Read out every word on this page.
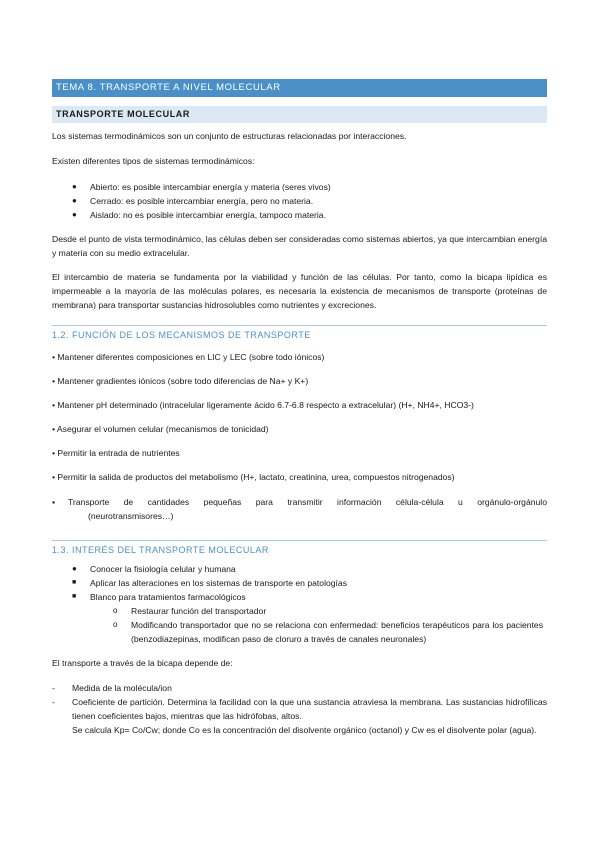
TEMA 8. TRANSPORTE A NIVEL MOLECULAR
TRANSPORTE MOLECULAR
Los sistemas termodinámicos son un conjunto de estructuras relacionadas por interacciones.
Existen diferentes tipos de sistemas termodinámicos:
● Abierto: es posible intercambiar energía y materia (seres vivos)
● Cerrado: es posible intercambiar energía, pero no materia.
● Aislado: no es posible intercambiar energía, tampoco materia.
Desde el punto de vista termodinámico, las células deben ser consideradas como sistemas abiertos, ya que intercambian energía y materia con su medio extracelular.
El intercambio de materia se fundamenta por la viabilidad y función de las células. Por tanto, como la bicapa lipídica es impermeable a la mayoría de las moléculas polares, es necesaria la existencia de mecanismos de transporte (proteínas de membrana) para transportar sustancias hidrosolubles como nutrientes y excreciones.
1.2. FUNCIÓN DE LOS MECANISMOS DE TRANSPORTE
• Mantener diferentes composiciones en LIC y LEC (sobre todo iónicos)
• Mantener gradientes iónicos (sobre todo diferencias de Na+ y K+)
• Mantener pH determinado (intracelular ligeramente ácido 6.7-6.8 respecto a extracelular) (H+, NH4+, HCO3-)
• Asegurar el volumen celular (mecanismos de tonicidad)
• Permitir la entrada de nutrientes
• Permitir la salida de productos del metabolismo (H+, lactato, creatinina, urea, compuestos nitrogenados)
▪ Transporte de cantidades pequeñas para transmitir información célula-célula u orgánulo-orgánulo
(neurotransmisores…)
1.3. INTERÉS DEL TRANSPORTE MOLECULAR
● Conocer la fisiología celular y humana
■ Aplicar las alteraciones en los sistemas de transporte en patologías
■ Blanco para tratamientos farmacológicos
o Restaurar función del transportador
o Modificando transportador que no se relaciona con enfermedad: beneficios terapéuticos para los pacientes (benzodiazepinas, modifican paso de cloruro a través de canales neuronales)
El transporte a través de la bicapa depende de:
- Medida de la molécula/ion
- Coeficiente de partición. Determina la facilidad con la que una sustancia atraviesa la membrana. Las sustancias hidrofílicas tienen coeficientes bajos, mientras que las hidrófobas, altos.
Se calcula Kp= Co/Cw; donde Co es la concentración del disolvente orgánico (octanol) y Cw es el disolvente polar (agua).
